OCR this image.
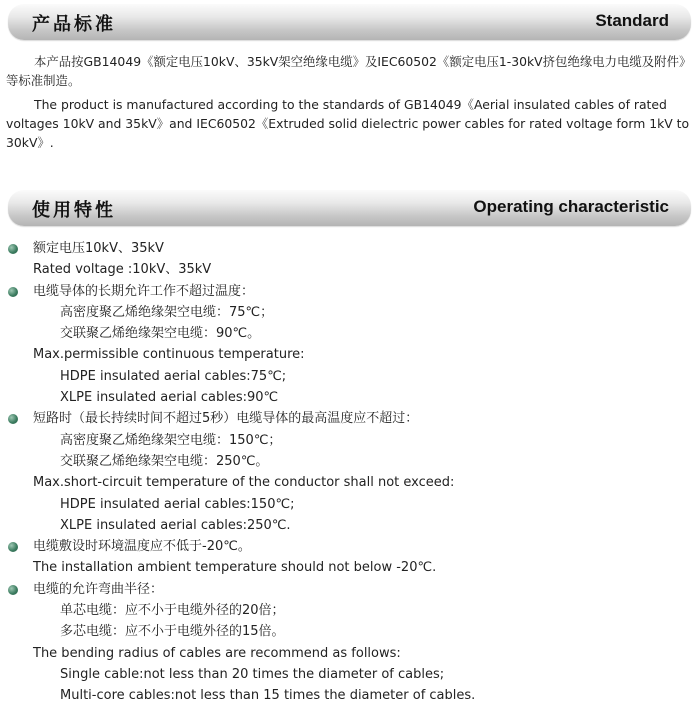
产品标准	Standard

本产品按GB14049《额定电压10kV、35kV架空绝缘电缆》及IEC60502《额定电压1-30kV挤包绝缘电力电缆及附件》等标准制造。

The product is manufactured according to the standards of GB14049《Aerial insulated cables of rated voltages 10kV and 35kV》and IEC60502《Extruded solid dielectric power cables for rated voltage form 1kV to 30kV》.

使用特性	Operating characteristic
额定电压10kV、35kV
Rated voltage :10kV、35kV
电缆导体的长期允许工作不超过温度：
高密度聚乙烯绝缘架空电缆：75℃；
交联聚乙烯绝缘架空电缆：90℃。
Max.permissible continuous temperature:
HDPE insulated aerial cables:75℃;
XLPE insulated aerial cables:90℃
短路时（最长持续时间不超过5秒）电缆导体的最高温度应不超过：
高密度聚乙烯绝缘架空电缆：150℃；
交联聚乙烯绝缘架空电缆：250℃。
Max.short-circuit temperature of the conductor shall not exceed:
HDPE insulated aerial cables:150℃;
XLPE insulated aerial cables:250℃.
电缆敷设时环境温度应不低于-20℃。
The installation ambient temperature should not below -20℃.
电缆的允许弯曲半径：
单芯电缆：应不小于电缆外径的20倍；
多芯电缆：应不小于电缆外径的15倍。
The bending radius of cables are recommend as follows:
Single cable:not less than 20 times the diameter of cables;
Multi-core cables:not less than 15 times the diameter of cables.
